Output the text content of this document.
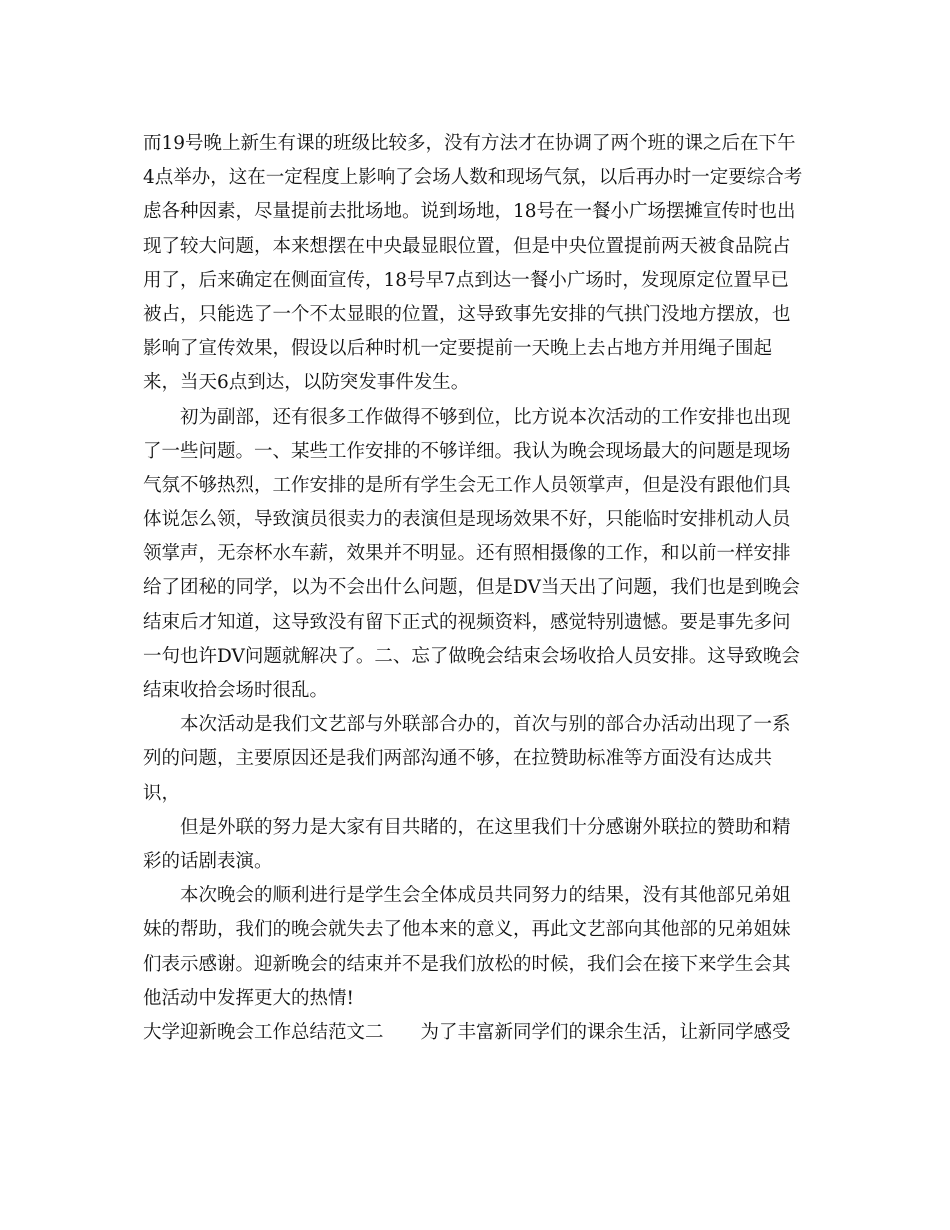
而19号晚上新生有课的班级比较多，没有方法才在协调了两个班的课之后在下午
4点举办，这在一定程度上影响了会场人数和现场气氛，以后再办时一定要综合考
虑各种因素，尽量提前去批场地。说到场地，18号在一餐小广场摆摊宣传时也出
现了较大问题，本来想摆在中央最显眼位置，但是中央位置提前两天被食品院占
用了，后来确定在侧面宣传，18号早7点到达一餐小广场时，发现原定位置早已
被占，只能选了一个不太显眼的位置，这导致事先安排的气拱门没地方摆放，也
影响了宣传效果，假设以后种时机一定要提前一天晚上去占地方并用绳子围起
来，当天6点到达，以防突发事件发生。
初为副部，还有很多工作做得不够到位，比方说本次活动的工作安排也出现
了一些问题。一、某些工作安排的不够详细。我认为晚会现场最大的问题是现场
气氛不够热烈，工作安排的是所有学生会无工作人员领掌声，但是没有跟他们具
体说怎么领，导致演员很卖力的表演但是现场效果不好，只能临时安排机动人员
领掌声，无奈杯水车薪，效果并不明显。还有照相摄像的工作，和以前一样安排
给了团秘的同学，以为不会出什么问题，但是DV当天出了问题，我们也是到晚会
结束后才知道，这导致没有留下正式的视频资料，感觉特别遗憾。要是事先多问
一句也许DV问题就解决了。二、忘了做晚会结束会场收拾人员安排。这导致晚会
结束收拾会场时很乱。
本次活动是我们文艺部与外联部合办的，首次与别的部合办活动出现了一系
列的问题，主要原因还是我们两部沟通不够，在拉赞助标准等方面没有达成共
识，
但是外联的努力是大家有目共睹的，在这里我们十分感谢外联拉的赞助和精
彩的话剧表演。
本次晚会的顺利进行是学生会全体成员共同努力的结果，没有其他部兄弟姐
妹的帮助，我们的晚会就失去了他本来的意义，再此文艺部向其他部的兄弟姐妹
们表示感谢。迎新晚会的结束并不是我们放松的时候，我们会在接下来学生会其
他活动中发挥更大的热情!
大学迎新晚会工作总结范文二　　为了丰富新同学们的课余生活，让新同学感受
